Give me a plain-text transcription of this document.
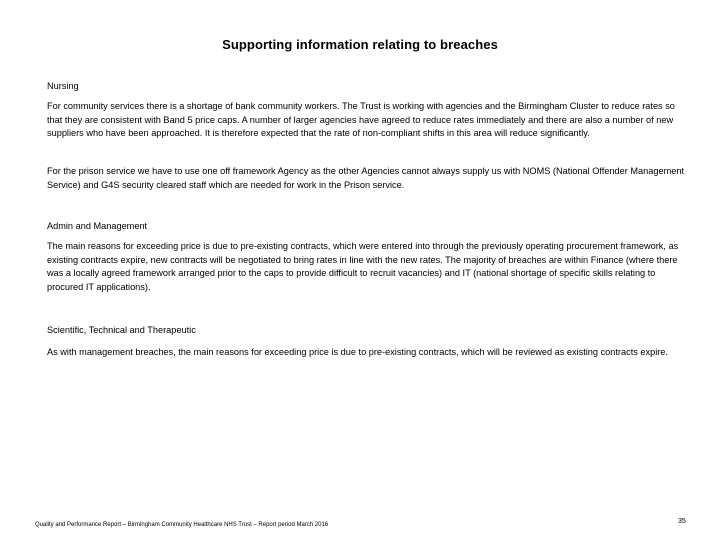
Supporting information relating to breaches
Nursing
For community services there is a shortage of bank community workers. The Trust is working with agencies and the Birmingham Cluster to reduce rates so that they are consistent with Band 5 price caps. A number of larger agencies have agreed to reduce rates immediately and there are also a number of new suppliers who have been approached. It is therefore expected that the rate of non-compliant shifts in this area will reduce significantly.
For the prison service we have to use one off framework Agency as the other Agencies cannot always supply us with NOMS (National Offender Management Service) and G4S security cleared staff which are needed for work in the Prison service.
Admin and Management
The main reasons for exceeding price is due to pre-existing contracts, which were entered into through the previously operating procurement framework, as existing contracts expire, new contracts will be negotiated to bring rates in line with the new rates. The majority of breaches are within Finance (where there was a locally agreed framework arranged prior to the caps to provide difficult to recruit vacancies) and IT (national shortage of specific skills relating to procured IT applications).
Scientific, Technical and Therapeutic
As with management breaches, the main reasons for exceeding price is due to pre-existing contracts, which will be reviewed as existing contracts expire.
Quality and Performance Report – Birmingham Community Healthcare NHS Trust – Report period March 2016	35
